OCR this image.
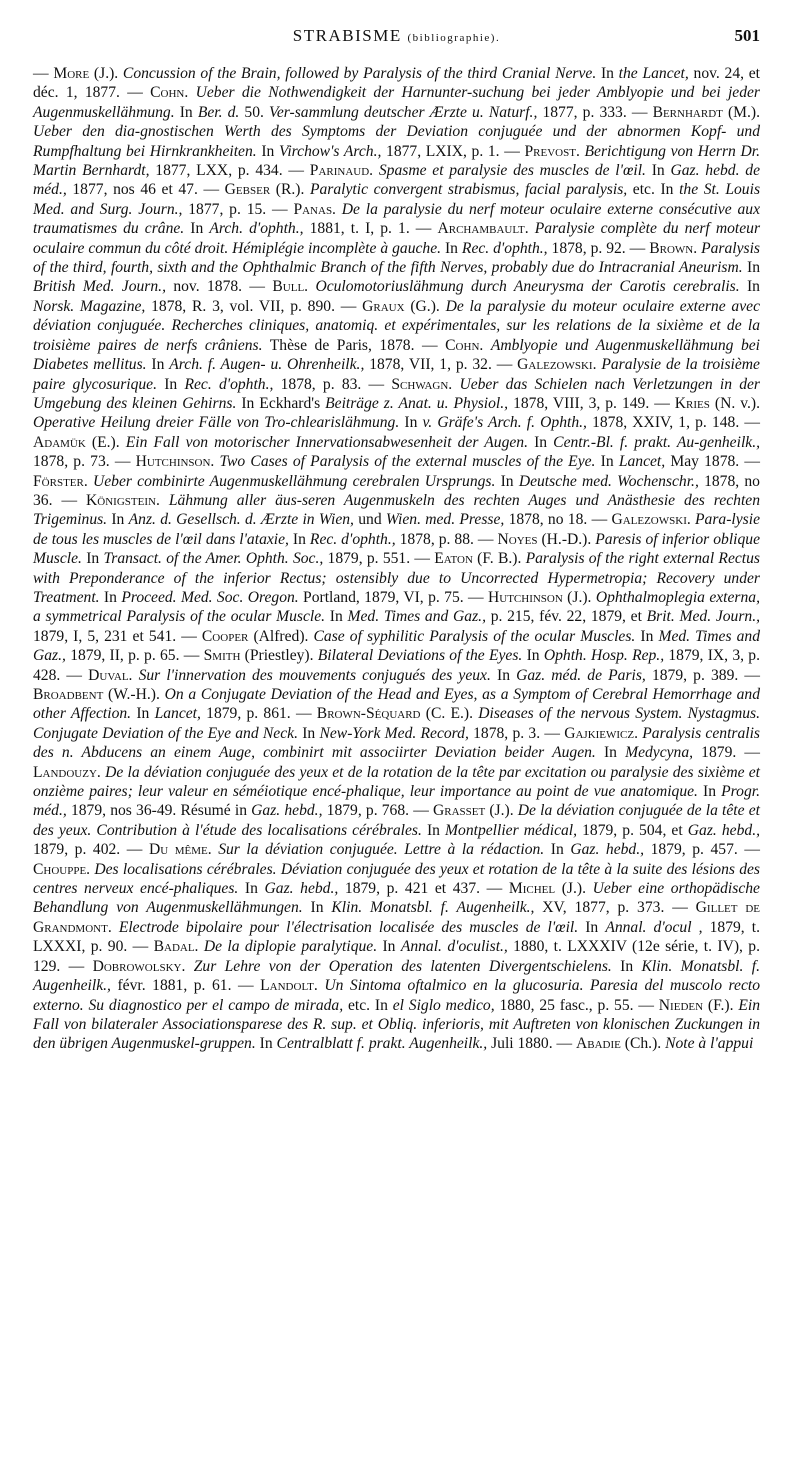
STRABISME (bibliographie).	501
— More (J.). Concussion of the Brain, followed by Paralysis of the third Cranial Nerve. In the Lancet, nov. 24, et déc. 1, 1877. — Cohn. Ueber die Nothwendigkeit der Harnunter-suchung bei jeder Amblyopie und bei jeder Augenmuskellähmung. In Ber. d. 50. Ver-sammlung deutscher Ærzte u. Naturf., 1877, p. 333. — Bernhardt (M.). Ueber den dia-gnostischen Werth des Symptoms der Deviation conjuguée und der abnormen Kopf- und Rumpfhaltung bei Hirnkrankheiten. In Virchow's Arch., 1877, LXIX, p. 1. — Prevost. Berichtigung von Herrn Dr. Martin Bernhardt, 1877, LXX, p. 434. — Parinaud. Spasme et paralysie des muscles de l'œil. In Gaz. hebd. de méd., 1877, nos 46 et 47. — Gebser (R.). Paralytic convergent strabismus, facial paralysis, etc. In the St. Louis Med. and Surg. Journ., 1877, p. 15. — Panas. De la paralysie du nerf moteur oculaire externe consécutive aux traumatismes du crâne. In Arch. d'ophth., 1881, t. I, p. 1. — Archambault. Paralysie complète du nerf moteur oculaire commun du côté droit. Hémiplégie incomplète à gauche. In Rec. d'ophth., 1878, p. 92. — Brown. Paralysis of the third, fourth, sixth and the Ophthalmic Branch of the fifth Nerves, probably due do Intracranial Aneurism. In British Med. Journ., nov. 1878. — Bull. Oculomotoriuslähmung durch Aneurysma der Carotis cerebralis. In Norsk. Magazine, 1878, R. 3, vol. VII, p. 890. — Graux (G.). De la paralysie du moteur oculaire externe avec déviation conjuguée. Recherches cliniques, anatomiq. et expérimentales, sur les relations de la sixième et de la troisième paires de nerfs crâniens. Thèse de Paris, 1878. — Cohn. Amblyopie und Augenmuskellähmung bei Diabetes mellitus. In Arch. f. Augen- u. Ohrenheilk., 1878, VII, 1, p. 32. — Galezowski. Paralysie de la troisième paire glycosurique. In Rec. d'ophth., 1878, p. 83. — Schwagn. Ueber das Schielen nach Verletzungen in der Umgebung des kleinen Gehirns. In Eckhard's Beiträge z. Anat. u. Physiol., 1878, VIII, 3, p. 149. — Kries (N. v.). Operative Heilung dreier Fälle von Tro-chlearislähmung. In v. Gräfe's Arch. f. Ophth., 1878, XXIV, 1, p. 148. — Adamük (E.). Ein Fall von motorischer Innervationsabwesenheit der Augen. In Centr.-Bl. f. prakt. Au-genheilk., 1878, p. 73. — Hutchinson. Two Cases of Paralysis of the external muscles of the Eye. In Lancet, May 1878. — Förster. Ueber combinirte Augenmuskellähmung cerebralen Ursprungs. In Deutsche med. Wochenschr., 1878, no 36. — Königstein. Lähmung aller äus-seren Augenmuskeln des rechten Auges und Anästhesie des rechten Trigeminus. In Anz. d. Gesellsch. d. Ærzte in Wien, und Wien. med. Presse, 1878, no 18. — Galezowski. Para-lysie de tous les muscles de l'œil dans l'ataxie, In Rec. d'ophth., 1878, p. 88. — Noyes (H.-D.). Paresis of inferior oblique Muscle. In Transact. of the Amer. Ophth. Soc., 1879, p. 551. — Eaton (F. B.). Paralysis of the right external Rectus with Preponderance of the inferior Rectus; ostensibly due to Uncorrected Hypermetropia; Recovery under Treatment. In Proceed. Med. Soc. Oregon. Portland, 1879, VI, p. 75. — Hutchinson (J.). Ophthalmoplegia externa, a symmetrical Paralysis of the ocular Muscle. In Med. Times and Gaz., p. 215, fév. 22, 1879, et Brit. Med. Journ., 1879, I, 5, 231 et 541. — Cooper (Alfred). Case of syphilitic Paralysis of the ocular Muscles. In Med. Times and Gaz., 1879, II, p. p. 65. — Smith (Priestley). Bilateral Deviations of the Eyes. In Ophth. Hosp. Rep., 1879, IX, 3, p. 428. — Duval. Sur l'innervation des mouvements conjugués des yeux. In Gaz. méd. de Paris, 1879, p. 389. — Broadbent (W.-H.). On a Conjugate Deviation of the Head and Eyes, as a Symptom of Cerebral Hemorrhage and other Affection. In Lancet, 1879, p. 861. — Brown-Séquard (C. E.). Diseases of the nervous System. Nystagmus. Conjugate Deviation of the Eye and Neck. In New-York Med. Record, 1878, p. 3. — Gajkiewicz. Paralysis centralis des n. Abducens an einem Auge, combinirt mit associirter Deviation beider Augen. In Medycyna, 1879. — Landouzy. De la déviation conjuguée des yeux et de la rotation de la tête par excitation ou paralysie des sixième et onzième paires; leur valeur en séméiotique encé-phalique, leur importance au point de vue anatomique. In Progr. méd., 1879, nos 36-49. Résumé in Gaz. hebd., 1879, p. 768. — Grasset (J.). De la déviation conjuguée de la tête et des yeux. Contribution à l'étude des localisations cérébrales. In Montpellier médical, 1879, p. 504, et Gaz. hebd., 1879, p. 402. — Du même. Sur la déviation conjuguée. Lettre à la rédaction. In Gaz. hebd., 1879, p. 457. — Chouppe. Des localisations cérébrales. Déviation conjuguée des yeux et rotation de la tête à la suite des lésions des centres nerveux encé-phaliques. In Gaz. hebd., 1879, p. 421 et 437. — Michel (J.). Ueber eine orthopädische Behandlung von Augenmuskellähmungen. In Klin. Monatsbl. f. Augenheilk., XV, 1877, p. 373. — Gillet de Grandmont. Electrode bipolaire pour l'électrisation localisée des muscles de l'œil. In Annal. d'ocul , 1879, t. LXXXI, p. 90. — Badal. De la diplopie paralytique. In Annal. d'oculist., 1880, t. LXXXIV (12e série, t. IV), p. 129. — Dobrowolsky. Zur Lehre von der Operation des latenten Divergentschielens. In Klin. Monatsbl. f. Augenheilk., févr. 1881, p. 61. — Landolt. Un Sintoma oftalmico en la glucosuria. Paresia del muscolo recto externo. Su diagnostico per el campo de mirada, etc. In el Siglo medico, 1880, 25 fasc., p. 55. — Nieden (F.). Ein Fall von bilateraler Associationsparese des R. sup. et Obliq. inferioris, mit Auftreten von klonischen Zuckungen in den übrigen Augenmuskel-gruppen. In Centralblatt f. prakt. Augenheilk., Juli 1880. — Abadie (Ch.). Note à l'appui
